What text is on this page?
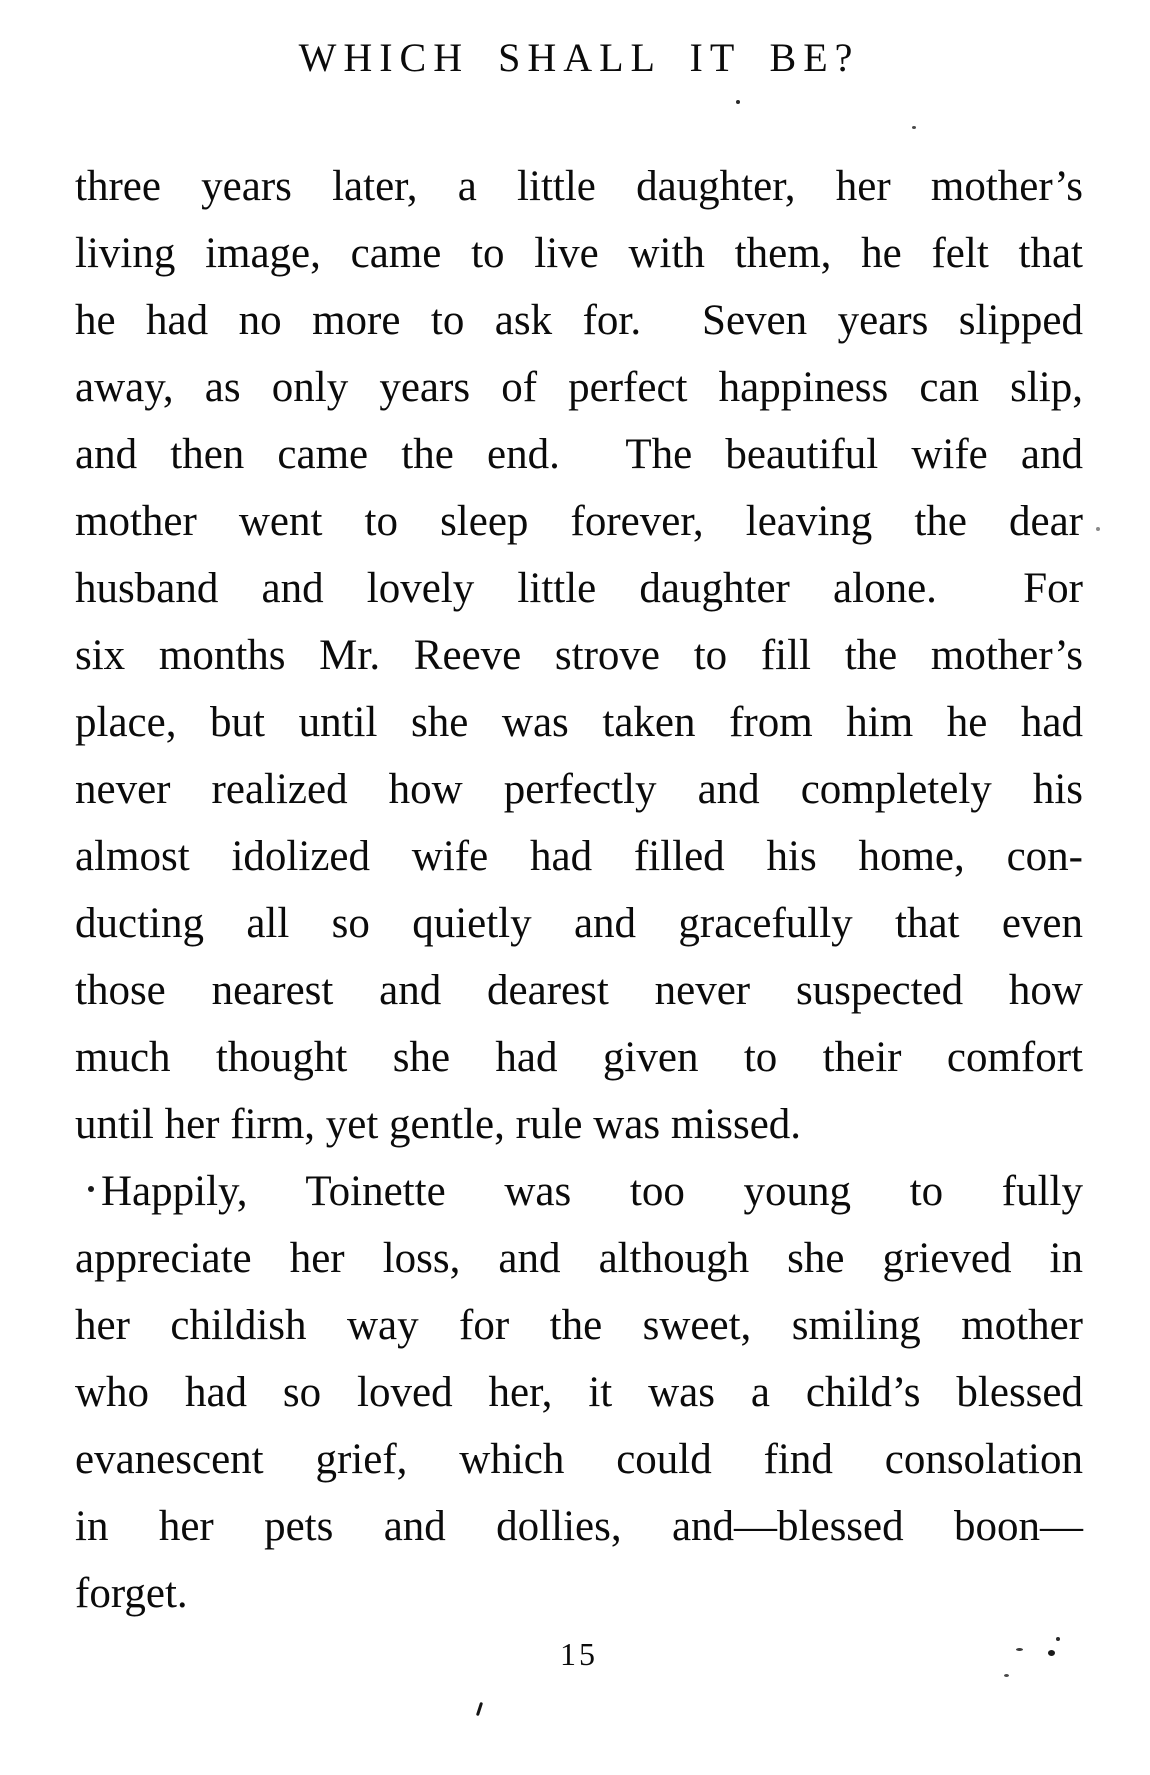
WHICH SHALL IT BE?
three years later, a little daughter, her mother’s
living image, came to live with them, he felt that
he had no more to ask for.  Seven years slipped
away, as only years of perfect happiness can slip,
and then came the end.  The beautiful wife and
mother went to sleep forever, leaving the dear
husband and lovely little daughter alone.  For
six months Mr. Reeve strove to fill the mother’s
place, but until she was taken from him he had
never realized how perfectly and completely his
almost idolized wife had filled his home, con-
ducting all so quietly and gracefully that even
those nearest and dearest never suspected how
much thought she had given to their comfort
until her firm, yet gentle, rule was missed.
Happily, Toinette was too young to fully
appreciate her loss, and although she grieved in
her childish way for the sweet, smiling mother
who had so loved her, it was a child’s blessed
evanescent grief, which could find consolation
in her pets and dollies, and—blessed boon—
forget.
15
